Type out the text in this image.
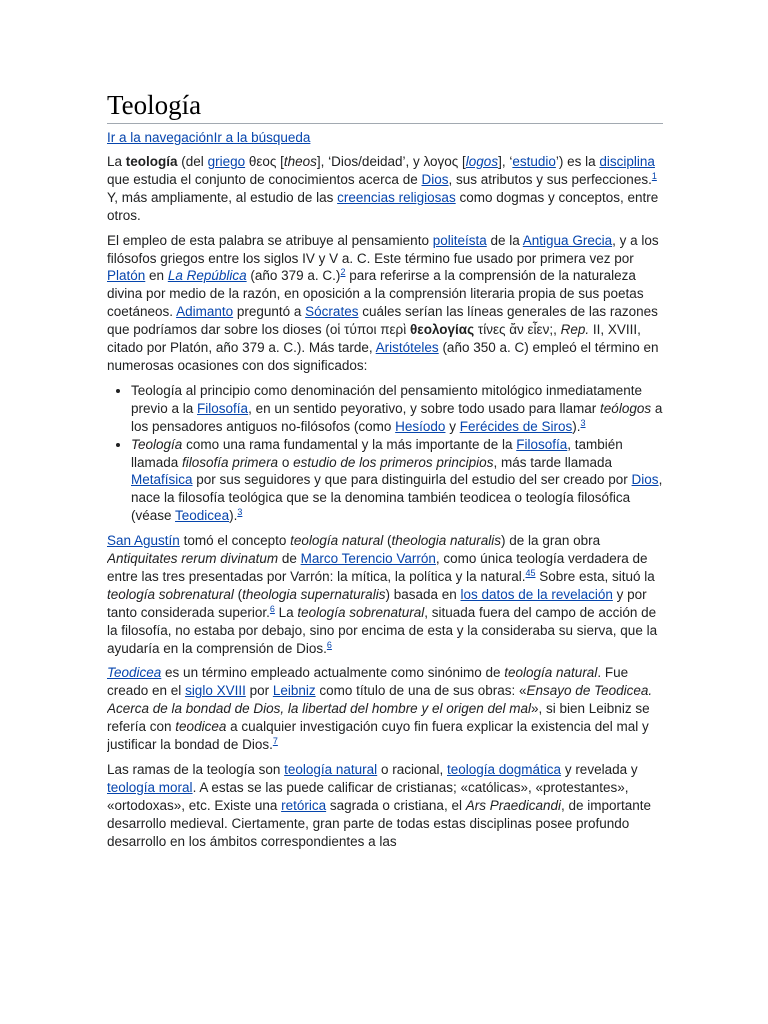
Teología
Ir a la navegaciónIr a la búsqueda

La teología (del griego θεος [theos], ‘Dios/deidad’, y λογος [logos], ‘estudio’) es la disciplina que estudia el conjunto de conocimientos acerca de Dios, sus atributos y sus perfecciones.$^1$ Y, más ampliamente, al estudio de las creencias religiosas como dogmas y conceptos, entre otros.

El empleo de esta palabra se atribuye al pensamiento politeísta de la Antigua Grecia, y a los filósofos griegos entre los siglos IV y V a. C. Este término fue usado por primera vez por Platón en La República (año 379 a. C.)$^2$ para referirse a la comprensión de la naturaleza divina por medio de la razón, en oposición a la comprensión literaria propia de sus poetas coetáneos. Adimanto preguntó a Sócrates cuáles serían las líneas generales de las razones que podríamos dar sobre los dioses (οἱ τύποι περὶ θεολογίας τίνες ἄν εἶεν;, Rep. II, XVIII, citado por Platón, año 379 a. C.). Más tarde, Aristóteles (año 350 a. C) empleó el término en numerosas ocasiones con dos significados:

• Teología al principio como denominación del pensamiento mitológico inmediatamente previo a la Filosofía, en un sentido peyorativo, y sobre todo usado para llamar teólogos a los pensadores antiguos no-filósofos (como Hesíodo y Ferécides de Siros).$^3$
• Teología como una rama fundamental y la más importante de la Filosofía, también llamada filosofía primera o estudio de los primeros principios, más tarde llamada Metafísica por sus seguidores y que para distinguirla del estudio del ser creado por Dios, nace la filosofía teológica que se la denomina también teodicea o teología filosófica (véase Teodicea).$^3$

San Agustín tomó el concepto teología natural (theologia naturalis) de la gran obra Antiquitates rerum divinatum de Marco Terencio Varrón, como única teología verdadera de entre las tres presentadas por Varrón: la mítica, la política y la natural.$^{45}$ Sobre esta, situó la teología sobrenatural (theologia supernaturalis) basada en los datos de la revelación y por tanto considerada superior.$^6$ La teología sobrenatural, situada fuera del campo de acción de la filosofía, no estaba por debajo, sino por encima de esta y la consideraba su sierva, que la ayudaría en la comprensión de Dios.$^6$

Teodicea es un término empleado actualmente como sinónimo de teología natural. Fue creado en el siglo XVIII por Leibniz como título de una de sus obras: «Ensayo de Teodicea. Acerca de la bondad de Dios, la libertad del hombre y el origen del mal», si bien Leibniz se refería con teodicea a cualquier investigación cuyo fin fuera explicar la existencia del mal y justificar la bondad de Dios.$^7$

Las ramas de la teología son teología natural o racional, teología dogmática y revelada y teología moral. A estas se las puede calificar de cristianas; «católicas», «protestantes», «ortodoxas», etc. Existe una retórica sagrada o cristiana, el Ars Praedicandi, de importante desarrollo medieval. Ciertamente, gran parte de todas estas disciplinas posee profundo desarrollo en los ámbitos correspondientes a las
